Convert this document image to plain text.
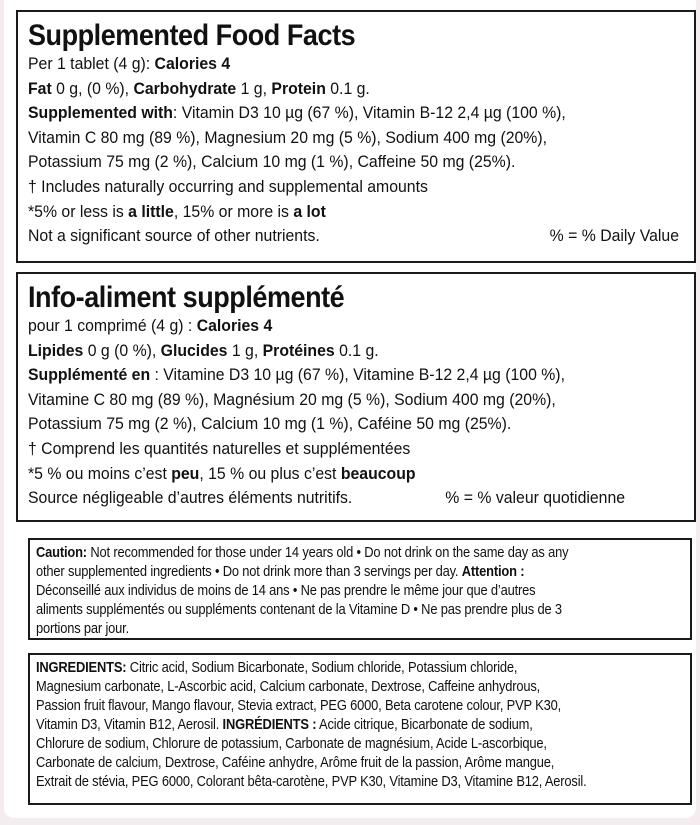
Supplemented Food Facts
Per 1 tablet (4 g): Calories 4
Fat 0 g, (0 %), Carbohydrate 1 g, Protein 0.1 g.
Supplemented with: Vitamin D3 10 µg (67 %), Vitamin B-12 2,4 µg (100 %),
Vitamin C 80 mg (89 %), Magnesium 20 mg (5 %), Sodium 400 mg (20%),
Potassium 75 mg (2 %), Calcium 10 mg (1 %), Caffeine 50 mg (25%).
† Includes naturally occurring and supplemental amounts
*5% or less is a little, 15% or more is a lot
Not a significant source of other nutrients.	% = % Daily Value
Info-aliment supplémenté
pour 1 comprimé (4 g) : Calories 4
Lipides 0 g (0 %), Glucides 1 g, Protéines 0.1 g.
Supplémenté en : Vitamine D3 10 µg (67 %), Vitamine B-12 2,4 µg (100 %),
Vitamine C 80 mg (89 %), Magnésium 20 mg (5 %), Sodium 400 mg (20%),
Potassium 75 mg (2 %), Calcium 10 mg (1 %), Caféine 50 mg (25%).
† Comprend les quantités naturelles et supplémentées
*5 % ou moins c’est peu, 15 % ou plus c’est beaucoup
Source négligeable d’autres éléments nutritifs.	% = % valeur quotidienne
Caution: Not recommended for those under 14 years old • Do not drink on the same day as any
other supplemented ingredients • Do not drink more than 3 servings per day. Attention :
Déconseillé aux individus de moins de 14 ans • Ne pas prendre le même jour que d’autres
aliments supplémentés ou suppléments contenant de la Vitamine D • Ne pas prendre plus de 3
portions par jour.
INGREDIENTS: Citric acid, Sodium Bicarbonate, Sodium chloride, Potassium chloride,
Magnesium carbonate, L-Ascorbic acid, Calcium carbonate, Dextrose, Caffeine anhydrous,
Passion fruit flavour, Mango flavour, Stevia extract, PEG 6000, Beta carotene colour, PVP K30,
Vitamin D3, Vitamin B12, Aerosil. INGRÉDIENTS : Acide citrique, Bicarbonate de sodium,
Chlorure de sodium, Chlorure de potassium, Carbonate de magnésium, Acide L-ascorbique,
Carbonate de calcium, Dextrose, Caféine anhydre, Arôme fruit de la passion, Arôme mangue,
Extrait de stévia, PEG 6000, Colorant bêta-carotène, PVP K30, Vitamine D3, Vitamine B12, Aerosil.
